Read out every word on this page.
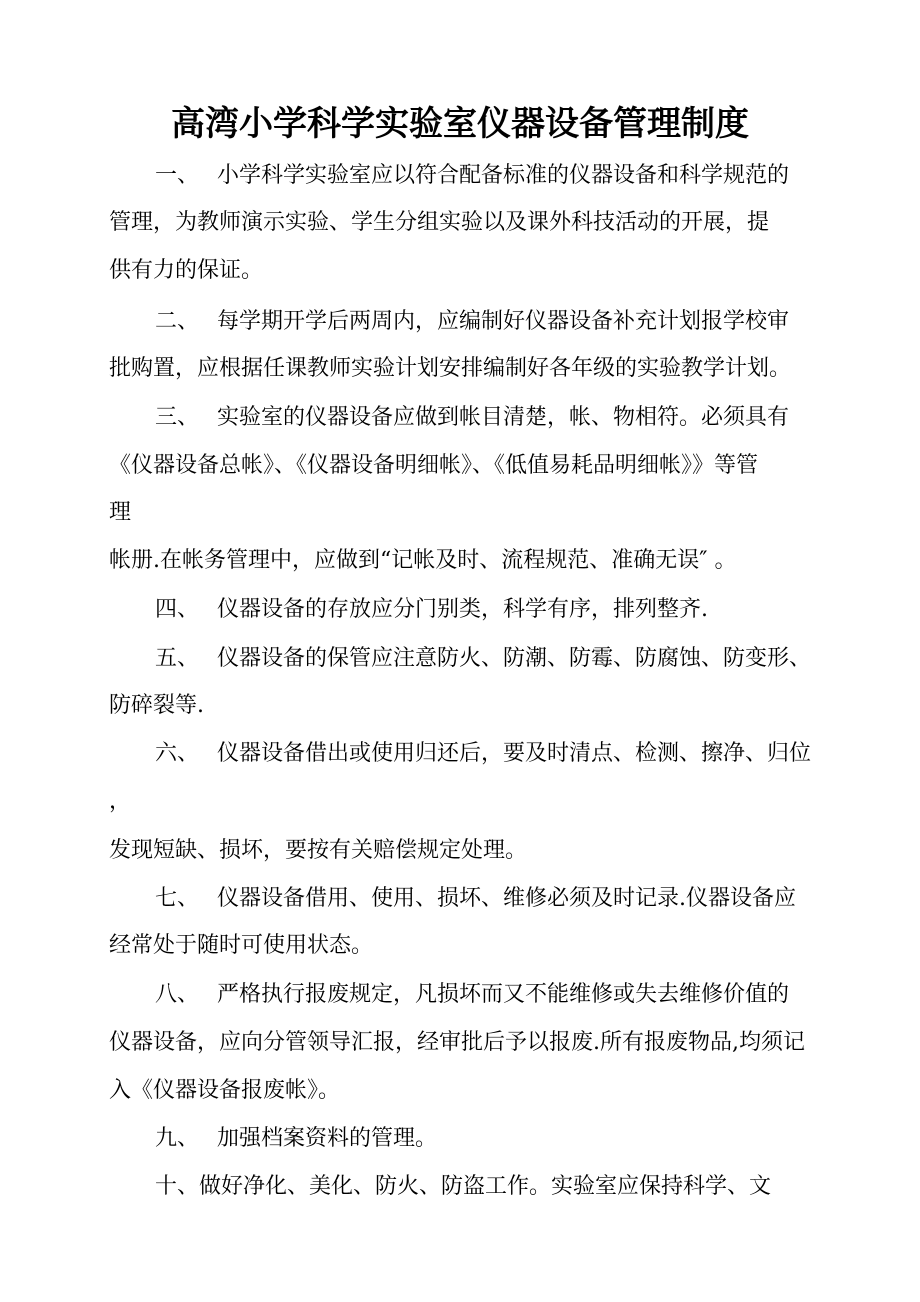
高湾小学科学实验室仪器设备管理制度
一、 小学科学实验室应以符合配备标准的仪器设备和科学规范的
管理，为教师演示实验、学生分组实验以及课外科技活动的开展，提
供有力的保证。
二、 每学期开学后两周内，应编制好仪器设备补充计划报学校审
批购置，应根据任课教师实验计划安排编制好各年级的实验教学计划。
三、 实验室的仪器设备应做到帐目清楚，帐、物相符。必须具有
《仪器设备总帐》、《仪器设备明细帐》、《低值易耗品明细帐》》等管
理
帐册.在帐务管理中，应做到“记帐及时、流程规范、准确无误″ 。
四、 仪器设备的存放应分门别类，科学有序，排列整齐.
五、 仪器设备的保管应注意防火、防潮、防霉、防腐蚀、防变形、
防碎裂等.
六、 仪器设备借出或使用归还后，要及时清点、检测、擦净、归位
，
发现短缺、损坏，要按有关赔偿规定处理。
七、 仪器设备借用、使用、损坏、维修必须及时记录.仪器设备应
经常处于随时可使用状态。
八、 严格执行报废规定，凡损坏而又不能维修或失去维修价值的
仪器设备，应向分管领导汇报，经审批后予以报废.所有报废物品,均须记
入《仪器设备报废帐》。
九、 加强档案资料的管理。
十、做好净化、美化、防火、防盗工作。实验室应保持科学、文
